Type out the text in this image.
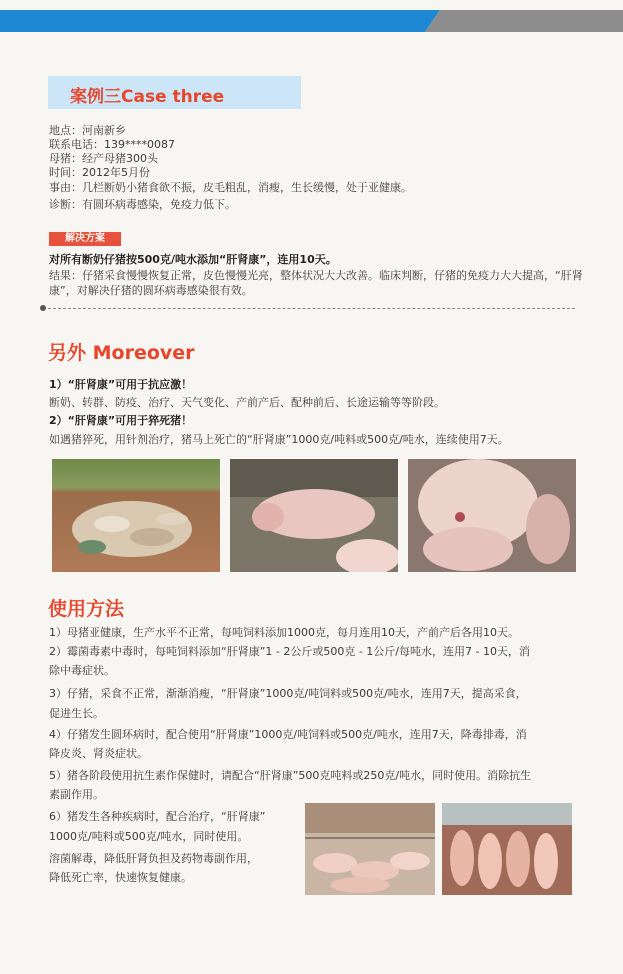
案例三Case three
地点：河南新乡
联系电话：139****0087
母猪：经产母猪300头
时间：2012年5月份
事由：几栏断奶小猪食欲不振，皮毛粗乱，消瘦，生长缓慢，处于亚健康。
诊断：有圆环病毒感染，免疫力低下。
解决方案
对所有断奶仔猪按500克/吨水添加“肝肾康”，连用10天。
结果：仔猪采食慢慢恢复正常，皮色慢慢光亮，整体状况大大改善。临床判断，仔猪的免疫力大大提高，“肝肾康”，对解决仔猪的圆环病毒感染很有效。
另外 Moreover
1）“肝肾康”可用于抗应激！
断奶、转群、防疫、治疗、天气变化、产前产后、配种前后、长途运输等等阶段。
2）“肝肾康”可用于猝死猪！
如遇猪猝死，用针剂治疗，猪马上死亡的“肝肾康”1000克/吨料或500克/吨水，连续使用7天。
使用方法
1）母猪亚健康，生产水平不正常，每吨饲料添加1000克，每月连用10天，产前产后各用10天。
2）霉菌毒素中毒时，每吨饲料添加“肝肾康”1 - 2公斤或500克 - 1公斤/每吨水，连用7 - 10天，消
除中毒症状。
3）仔猪，采食不正常，渐渐消瘦，“肝肾康”1000克/吨饲料或500克/吨水，连用7天，提高采食，
促进生长。
4）仔猪发生圆环病时，配合使用“肝肾康”1000克/吨饲料或500克/吨水，连用7天，降毒排毒，消
降皮炎、肾炎症状。
5）猪各阶段使用抗生素作保健时，请配合“肝肾康”500克吨料或250克/吨水，同时使用。消除抗生
素副作用。
6）猪发生各种疾病时，配合治疗，“肝肾康”
1000克/吨料或500克/吨水，同时使用。
溶菌解毒，降低肝肾负担及药物毒副作用，
降低死亡率，快速恢复健康。
